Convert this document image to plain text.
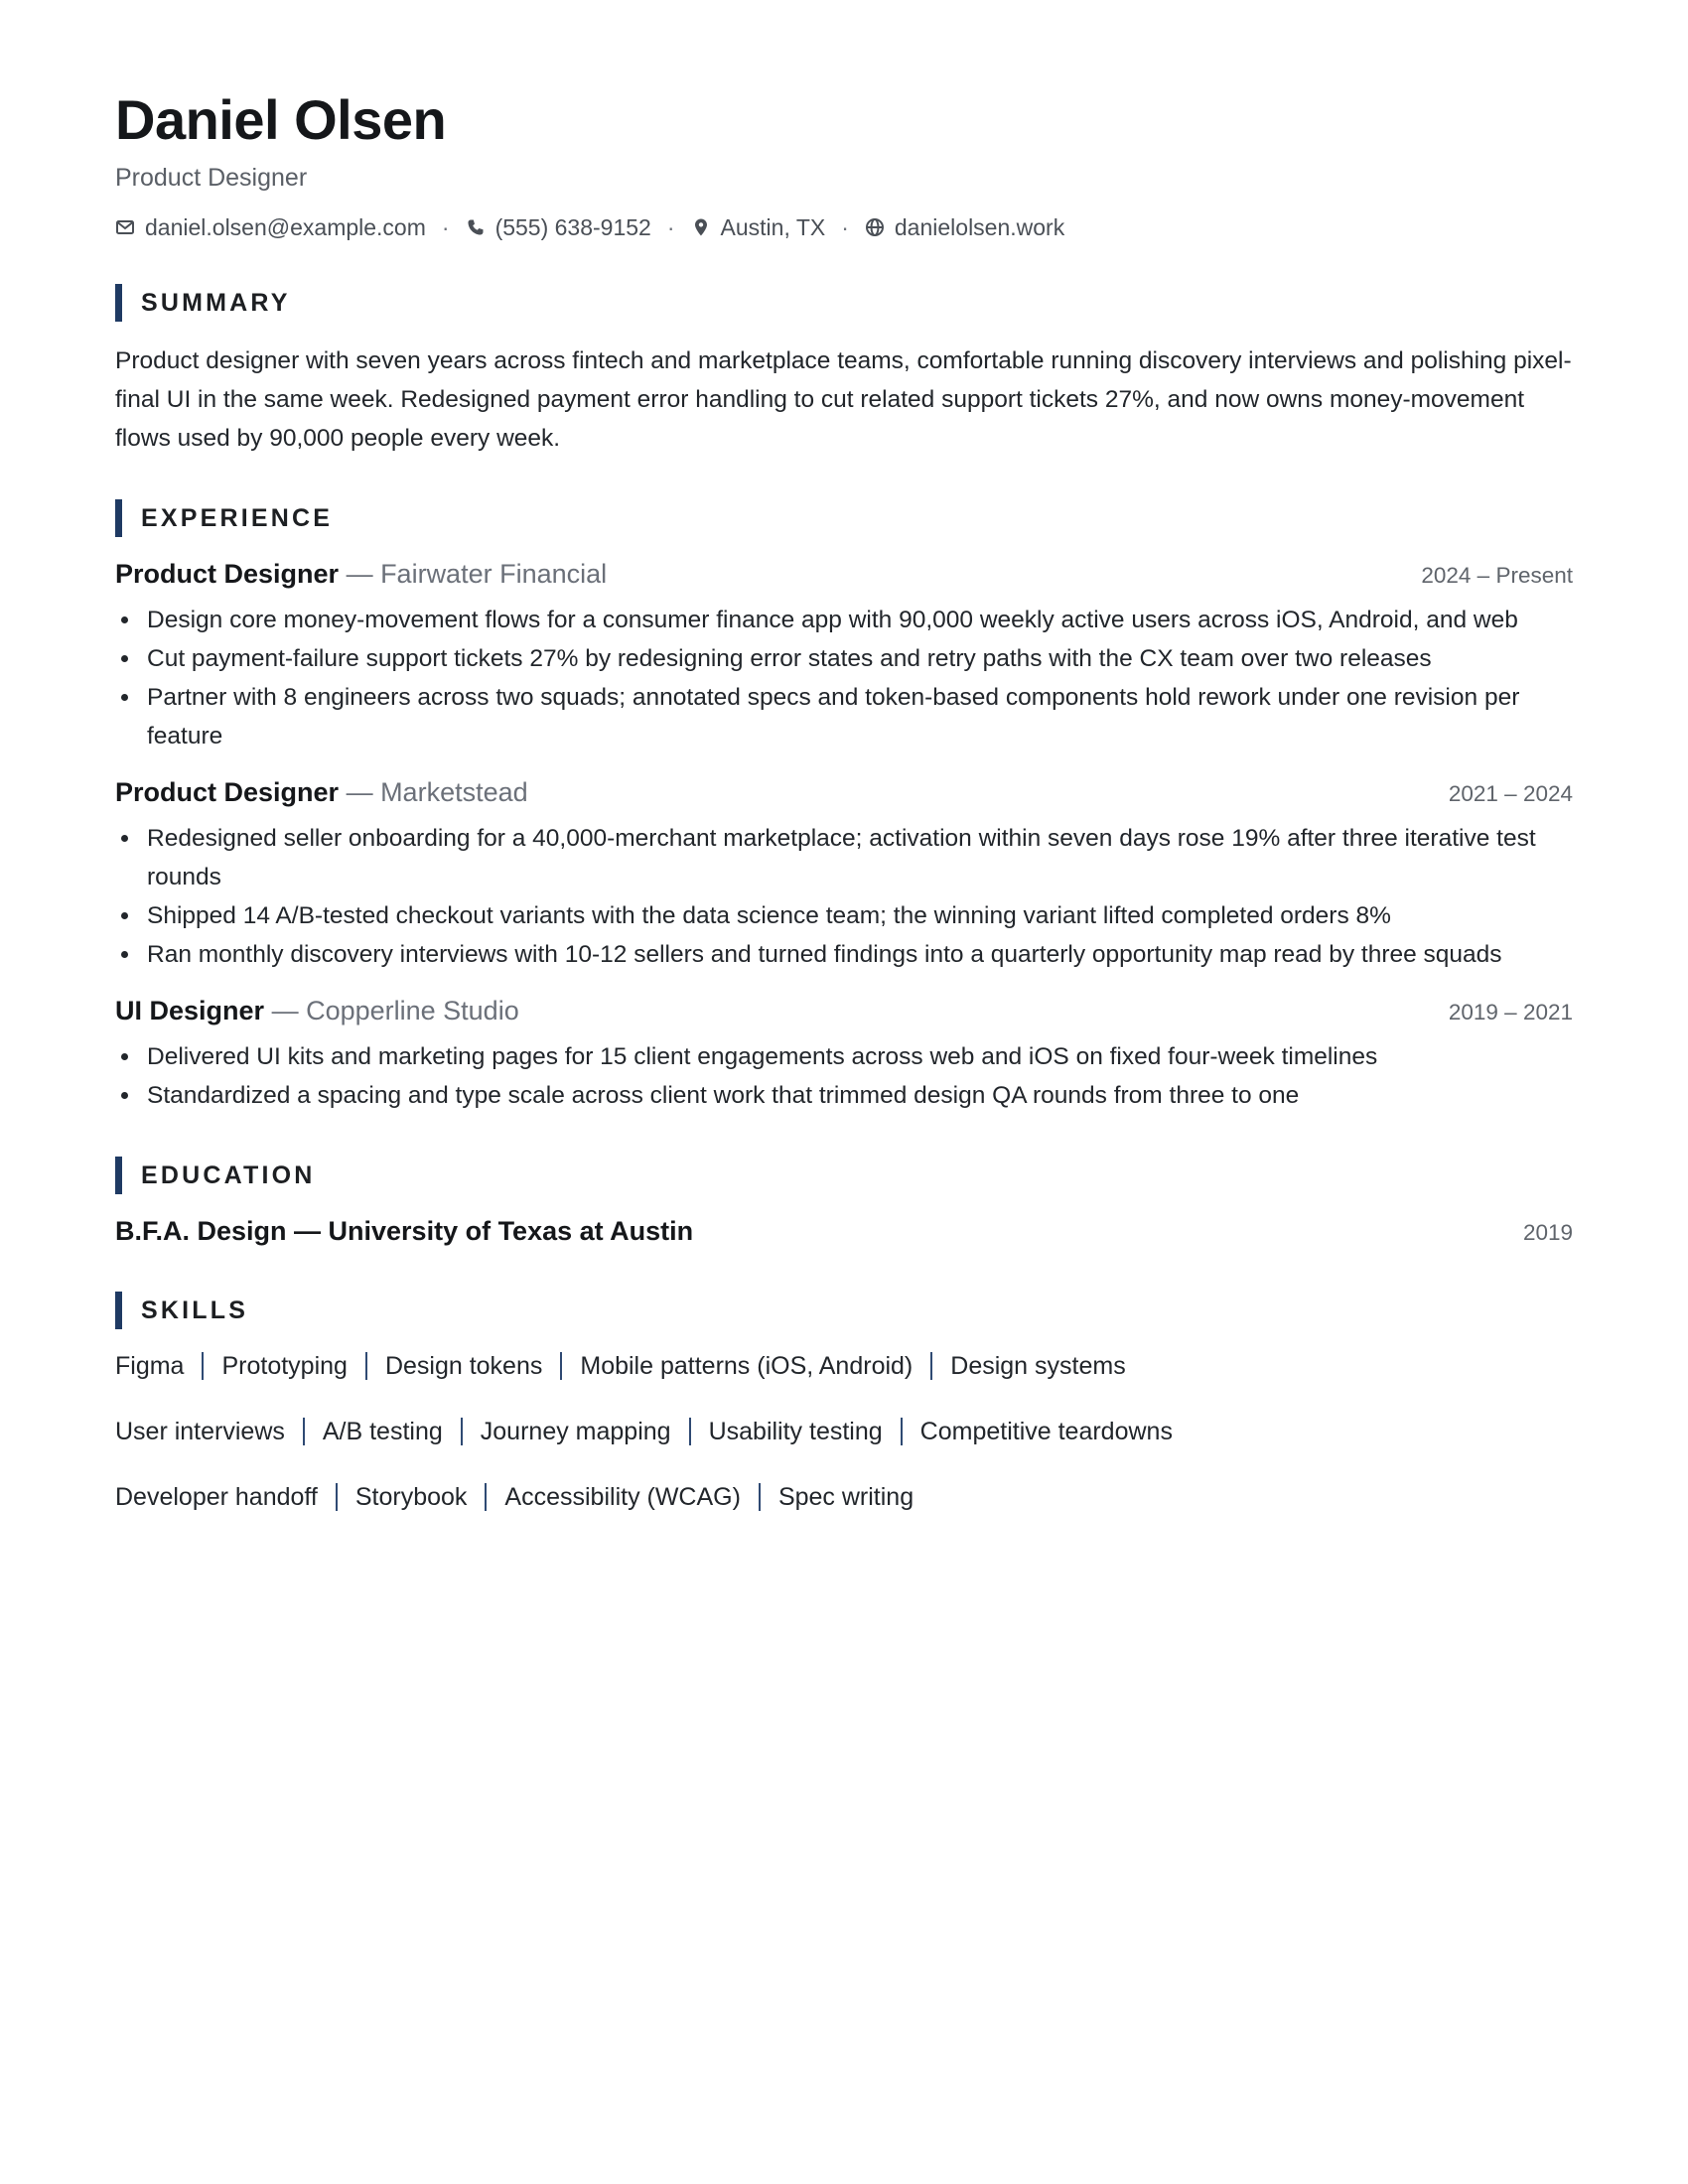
Daniel Olsen
Product Designer
daniel.olsen@example.com · (555) 638-9152 · Austin, TX · danielolsen.work
SUMMARY

Product designer with seven years across fintech and marketplace teams, comfortable running discovery interviews and polishing pixel-final UI in the same week. Redesigned payment error handling to cut related support tickets 27%, and now owns money-movement flows used by 90,000 people every week.

EXPERIENCE
Product Designer — Fairwater Financial	2024 – Present
Design core money-movement flows for a consumer finance app with 90,000 weekly active users across iOS, Android, and web
Cut payment-failure support tickets 27% by redesigning error states and retry paths with the CX team over two releases
Partner with 8 engineers across two squads; annotated specs and token-based components hold rework under one revision per feature
Product Designer — Marketstead	2021 – 2024
Redesigned seller onboarding for a 40,000-merchant marketplace; activation within seven days rose 19% after three iterative test rounds
Shipped 14 A/B-tested checkout variants with the data science team; the winning variant lifted completed orders 8%
Ran monthly discovery interviews with 10-12 sellers and turned findings into a quarterly opportunity map read by three squads
UI Designer — Copperline Studio	2019 – 2021
Delivered UI kits and marketing pages for 15 client engagements across web and iOS on fixed four-week timelines
Standardized a spacing and type scale across client work that trimmed design QA rounds from three to one
EDUCATION
B.F.A. Design — University of Texas at Austin	2019
SKILLS
Figma Prototyping Design tokens Mobile patterns (iOS, Android) Design systems
User interviews A/B testing Journey mapping Usability testing Competitive teardowns
Developer handoff Storybook Accessibility (WCAG) Spec writing
